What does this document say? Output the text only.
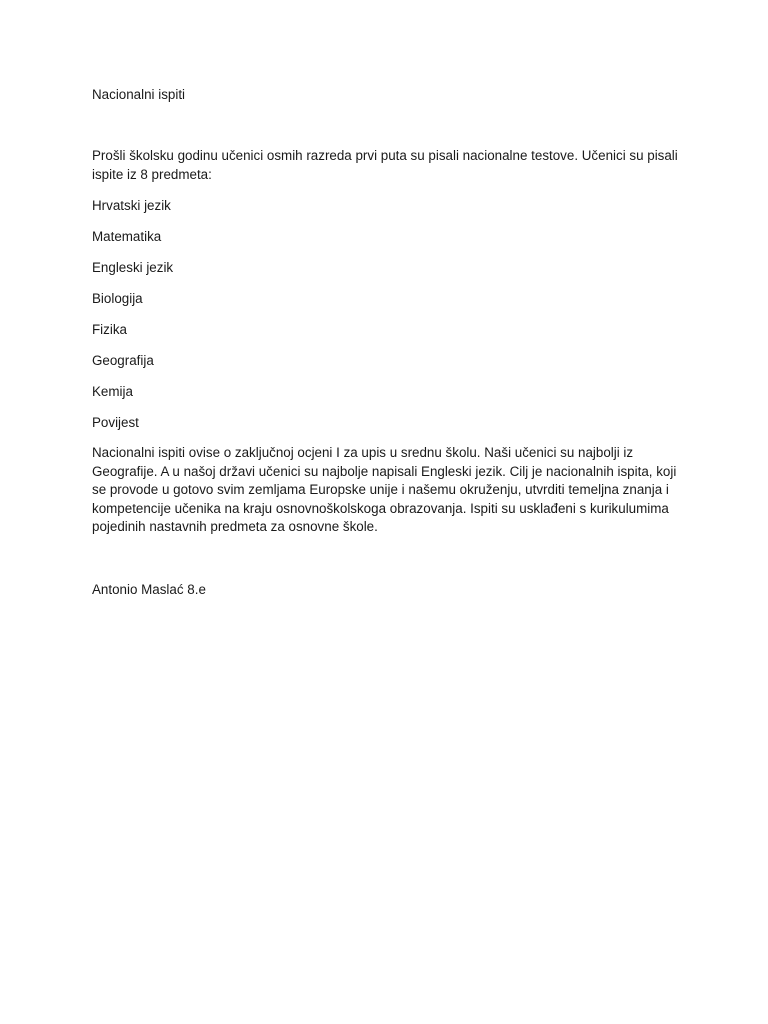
Nacionalni ispiti

Prošli školsku godinu učenici osmih razreda prvi puta su pisali nacionalne testove. Učenici su pisali ispite iz 8 predmeta:

Hrvatski jezik
Matematika
Engleski jezik
Biologija
Fizika
Geografija
Kemija
Povijest

Nacionalni ispiti ovise o zaključnoj ocjeni I za upis u srednu školu. Naši učenici su najbolji iz Geografije. A u našoj državi učenici su najbolje napisali Engleski jezik. Cilj je nacionalnih ispita, koji se provode u gotovo svim zemljama Europske unije i našemu okruženju, utvrditi temeljna znanja i kompetencije učenika na kraju osnovnoškolskoga obrazovanja. Ispiti su usklađeni s kurikulumima pojedinih nastavnih predmeta za osnovne škole.

Antonio Maslać 8.e
